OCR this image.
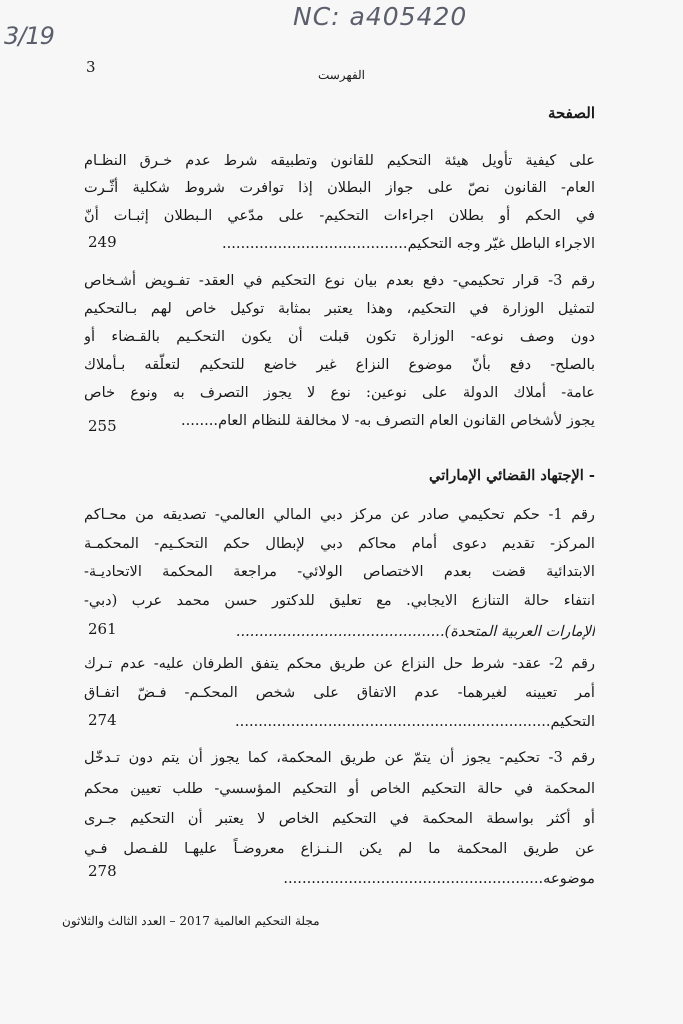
3/19
NC: a405420
3	الفهرست
الصفحة
على كيفية تأويل هيئة التحكيم للقانون وتطبيقه شرط عدم خـرق النظـام
العام- القانون نصّ على جواز البطلان إذا توافرت شروط شكلية أثّـرت
في الحكم أو بطلان اجراءات التحكيم- على مدّعي الـبطلان إثبـات أنّ
الاجراء الباطل غيّر وجه التحكيم........................................
249
رقم 3- قرار تحكيمي- دفع بعدم بيان نوع التحكيم في العقد- تفـويض أشـخاص
لتمثيل الوزارة في التحكيم، وهذا يعتبر بمثابة توكيل خاص لهم بـالتحكيم
دون وصف نوعه- الوزارة تكون قبلت أن يكون التحكـيم بالقـضاء أو
بالصلح- دفع بأنّ موضوع النزاع غير خاضع للتحكيم لتعلّقه بـأملاك
عامة- أملاك الدولة على نوعين: نوع لا يجوز التصرف به ونوع خاص
يجوز لأشخاص القانون العام التصرف به- لا مخالفة للنظام العام........
255
- الإجتهاد القضائي الإماراتي
رقم 1- حكم تحكيمي صادر عن مركز دبي المالي العالمي- تصديقه من محـاكم
المركز- تقديم دعوى أمام محاكم دبي لإبطال حكم التحكـيم- المحكمـة
الابتدائية قضت بعدم الاختصاص الولائي- مراجعة المحكمة الاتحاديـة-
انتفاء حالة التنازع الايجابي. مع تعليق للدكتور حسن محمد عرب (دبي-
الإمارات العربية المتحدة).............................................
261
رقم 2- عقد- شرط حل النزاع عن طريق محكم يتفق الطرفان عليه- عدم تـرك
أمر تعيينه لغيرهما- عدم الاتفاق على شخص المحكـم- فـضّ اتفـاق
التحكيم....................................................................
274
رقم 3- تحكيم- يجوز أن يتمّ عن طريق المحكمة، كما يجوز أن يتم دون تـدخّل
المحكمة في حالة التحكيم الخاص أو التحكيم المؤسسي- طلب تعيين محكم
أو أكثر بواسطة المحكمة في التحكيم الخاص لا يعتبر أن التحكيم جـرى
عن طريق المحكمة ما لم يكن الـنـزاع معروضـاً عليهـا للفـصل فـي
موضوعه........................................................
278
مجلة التحكيم العالمية 2017 – العدد الثالث والثلاثون
